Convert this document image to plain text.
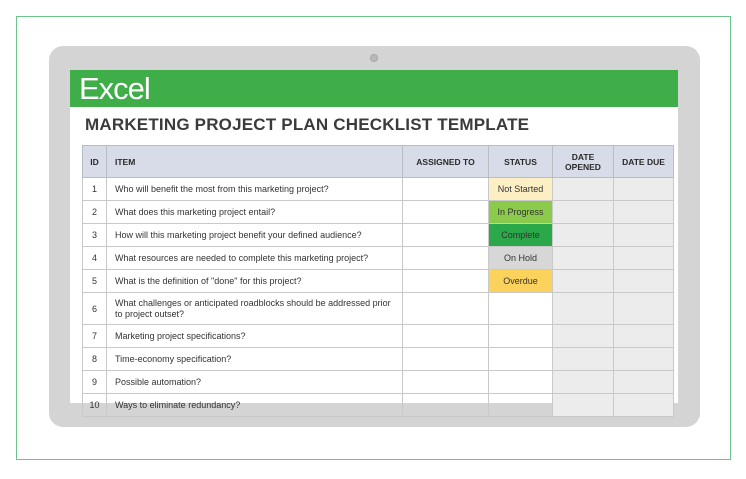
Excel
MARKETING PROJECT PLAN CHECKLIST TEMPLATE
ID	ITEM	ASSIGNED TO	STATUS	DATE OPENED	DATE DUE
1	Who will benefit the most from this marketing project?		Not Started		
2	What does this marketing project entail?		In Progress		
3	How will this marketing project benefit your defined audience?		Complete		
4	What resources are needed to complete this marketing project?		On Hold		
5	What is the definition of "done" for this project?		Overdue		
6	What challenges or anticipated roadblocks should be addressed prior to project outset?				
7	Marketing project specifications?				
8	Time-economy specification?				
9	Possible automation?				
10	Ways to eliminate redundancy?				
